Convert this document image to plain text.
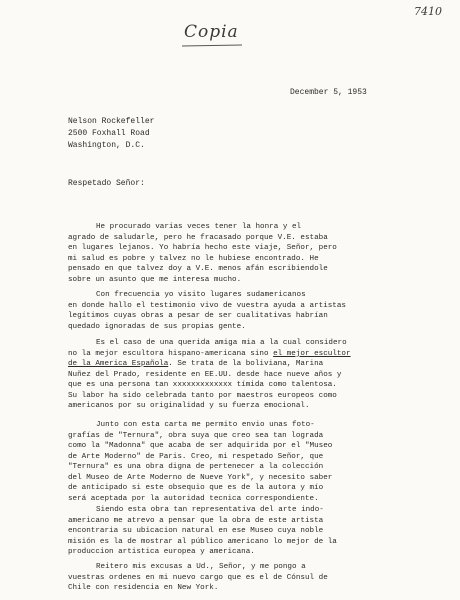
Copia
7410
December 5, 1953
Nelson Rockefeller
2500 Foxhall Road
Washington, D.C.
Respetado Señor:
He procurado varias veces tener la honra y el
agrado de saludarle, pero he fracasado porque V.E. estaba
en lugares lejanos. Yo habría hecho este viaje, Señor, pero
mi salud es pobre y talvez no le hubiese encontrado. He
pensado en que talvez doy a V.E. menos afán escribiendole
sobre un asunto que me interesa mucho.
Con frecuencia yo visito lugares sudamericanos
en donde hallo el testimonio vivo de vuestra ayuda a artistas
legítimos cuyas obras a pesar de ser cualitativas habrían
quedado ignoradas de sus propias gente.
Es el caso de una querida amiga mia a la cual considero
no la mejor escultora hispano-americana sino el mejor escultor
de la America Española. Se trata de la boliviana, Marina
Nuñez del Prado, residente en EE.UU. desde hace nueve años y
que es una persona tan xxxxxxxxxxxxx tímida como talentosa.
Su labor ha sido celebrada tanto por maestros europeos como
americanos por su originalidad y su fuerza emocional.
Junto con esta carta me permito envio unas foto-
grafías de "Ternura", obra suya que creo sea tan lograda
como la "Madonna" que acaba de ser adquirida por el "Museo
de Arte Moderno" de Paris. Creo, mi respetado Señor, que
"Ternura" es una obra digna de pertenecer a la colección
del Museo de Arte Moderno de Nueve York", y necesito saber
de anticipado si este obsequio que es de la autora y mío
será aceptada por la autoridad tecnica correspondiente.
Siendo esta obra tan representativa del arte indo-
americano me atrevo a pensar que la obra de este artista
encontraria su ubicacion natural en ese Museo cuya noble
misión es la de mostrar al público americano lo mejor de la
produccion artistica europea y americana.
Reitero mis excusas a Ud., Señor, y me pongo a
vuestras ordenes en mi nuevo cargo que es el de Cónsul de
Chile con residencia en New York.
